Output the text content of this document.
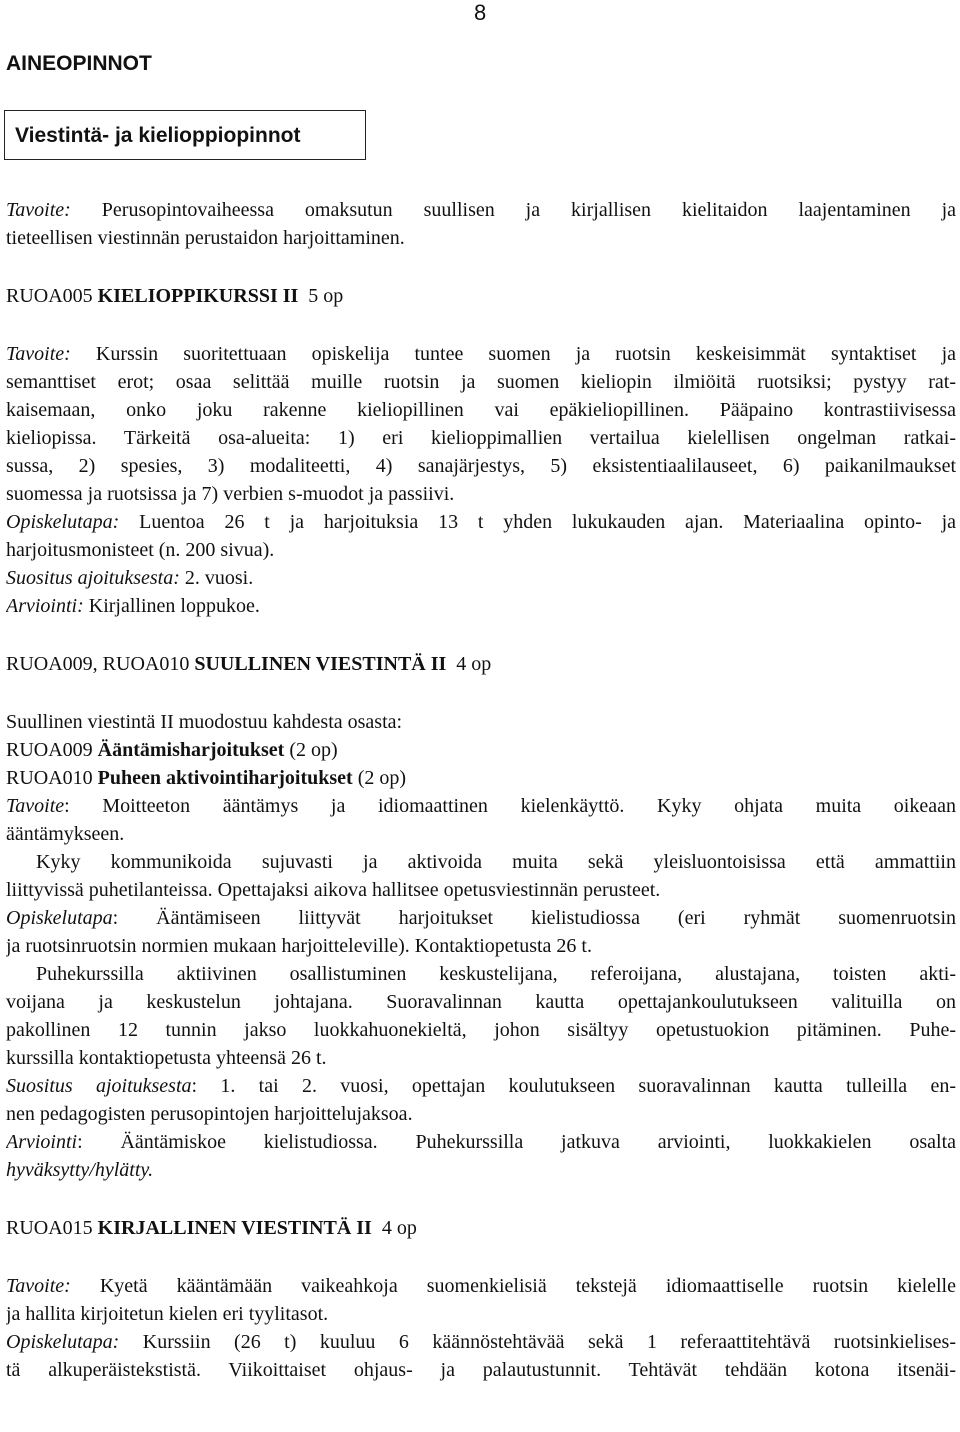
8
AINEOPINNOT
Viestintä- ja kielioppiopinnot
Tavoite: Perusopintovaiheessa omaksutun suullisen ja kirjallisen kielitaidon laajentaminen ja
tieteellisen viestinnän perustaidon harjoittaminen.
RUOA005 KIELIOPPIKURSSI II 5 op
Tavoite: Kurssin suoritettuaan opiskelija tuntee suomen ja ruotsin keskeisimmät syntaktiset ja
semanttiset erot; osaa selittää muille ruotsin ja suomen kieliopin ilmiöitä ruotsiksi; pystyy rat-
kaisemaan, onko joku rakenne kieliopillinen vai epäkieliopillinen. Pääpaino kontrastiivisessa
kieliopissa. Tärkeitä osa-alueita: 1) eri kielioppimallien vertailua kielellisen ongelman ratkai-
sussa, 2) spesies, 3) modaliteetti, 4) sanajärjestys, 5) eksistentiaalilauseet, 6) paikanilmaukset
suomessa ja ruotsissa ja 7) verbien s-muodot ja passiivi.
Opiskelutapa: Luentoa 26 t ja harjoituksia 13 t yhden lukukauden ajan. Materiaalina opinto- ja
harjoitusmonisteet (n. 200 sivua).
Suositus ajoituksesta: 2. vuosi.
Arviointi: Kirjallinen loppukoe.
RUOA009, RUOA010 SUULLINEN VIESTINTÄ II 4 op
Suullinen viestintä II muodostuu kahdesta osasta:
RUOA009 Ääntämisharjoitukset (2 op)
RUOA010 Puheen aktivointiharjoitukset (2 op)
Tavoite: Moitteeton ääntämys ja idiomaattinen kielenkäyttö. Kyky ohjata muita oikeaan
ääntämykseen.
Kyky kommunikoida sujuvasti ja aktivoida muita sekä yleisluontoisissa että ammattiin
liittyvissä puhetilanteissa. Opettajaksi aikova hallitsee opetusviestinnän perusteet.
Opiskelutapa: Ääntämiseen liittyvät harjoitukset kielistudiossa (eri ryhmät suomenruotsin
ja ruotsinruotsin normien mukaan harjoitteleville). Kontaktiopetusta 26 t.
Puhekurssilla aktiivinen osallistuminen keskustelijana, referoijana, alustajana, toisten akti-
voijana ja keskustelun johtajana. Suoravalinnan kautta opettajankoulutukseen valituilla on
pakollinen 12 tunnin jakso luokkahuonekieltä, johon sisältyy opetustuokion pitäminen. Puhe-
kurssilla kontaktiopetusta yhteensä 26 t.
Suositus ajoituksesta: 1. tai 2. vuosi, opettajan koulutukseen suoravalinnan kautta tulleilla en-
nen pedagogisten perusopintojen harjoittelujaksoa.
Arviointi: Ääntämiskoe kielistudiossa. Puhekurssilla jatkuva arviointi, luokkakielen osalta
hyväksytty/hylätty.
RUOA015 KIRJALLINEN VIESTINTÄ II 4 op
Tavoite: Kyetä kääntämään vaikeahkoja suomenkielisiä tekstejä idiomaattiselle ruotsin kielelle
ja hallita kirjoitetun kielen eri tyylitasot.
Opiskelutapa: Kurssiin (26 t) kuuluu 6 käännöstehtävää sekä 1 referaattitehtävä ruotsinkielises-
tä alkuperäistekstistä. Viikoittaiset ohjaus- ja palautustunnit. Tehtävät tehdään kotona itsenäi-
